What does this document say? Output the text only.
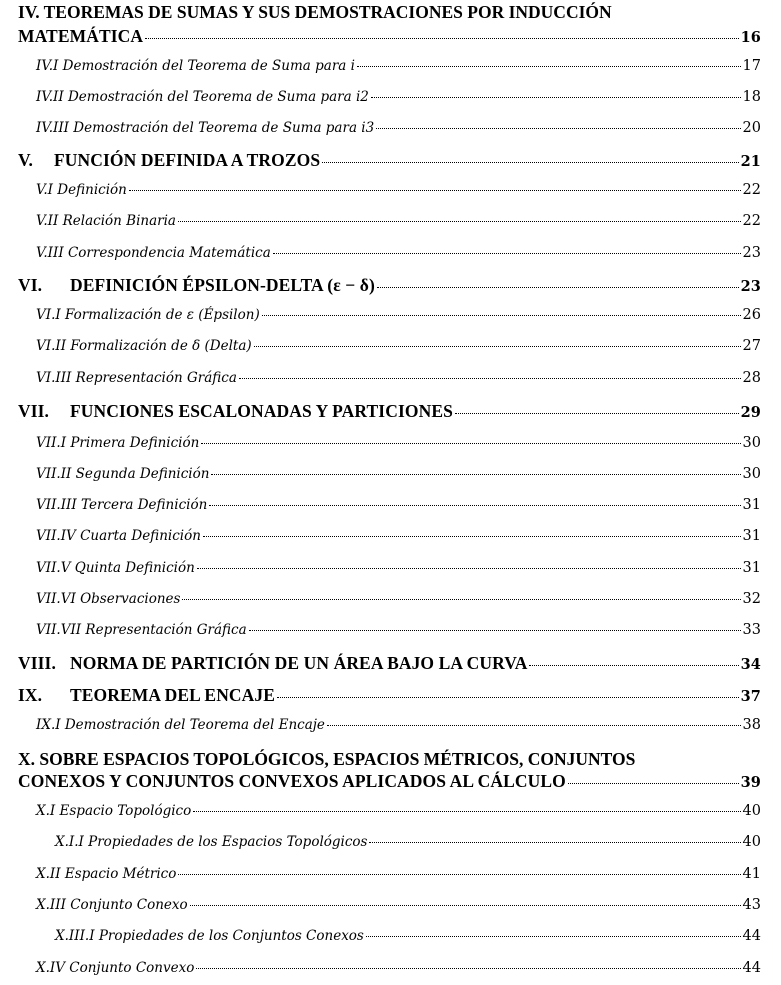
IV. TEOREMAS DE SUMAS Y SUS DEMOSTRACIONES POR INDUCCIÓN
MATEMÁTICA	16
IV.I Demostración del Teorema de Suma para i	17
IV.II Demostración del Teorema de Suma para i2	18
IV.III Demostración del Teorema de Suma para i3	20
V. FUNCIÓN DEFINIDA A TROZOS	21
V.I Definición	22
V.II Relación Binaria	22
V.III Correspondencia Matemática	23
VI. DEFINICIÓN ÉPSILON-DELTA (ε − δ)	23
VI.I Formalización de ε (Épsilon)	26
VI.II Formalización de δ (Delta)	27
VI.III Representación Gráfica	28
VII. FUNCIONES ESCALONADAS Y PARTICIONES	29
VII.I Primera Definición	30
VII.II Segunda Definición	30
VII.III Tercera Definición	31
VII.IV Cuarta Definición	31
VII.V Quinta Definición	31
VII.VI Observaciones	32
VII.VII Representación Gráfica	33
VIII. NORMA DE PARTICIÓN DE UN ÁREA BAJO LA CURVA	34
IX. TEOREMA DEL ENCAJE	37
IX.I Demostración del Teorema del Encaje	38
X. SOBRE ESPACIOS TOPOLÓGICOS, ESPACIOS MÉTRICOS, CONJUNTOS
CONEXOS Y CONJUNTOS CONVEXOS APLICADOS AL CÁLCULO	39
X.I Espacio Topológico	40
X.I.I Propiedades de los Espacios Topológicos	40
X.II Espacio Métrico	41
X.III Conjunto Conexo	43
X.III.I Propiedades de los Conjuntos Conexos	44
X.IV Conjunto Convexo	44
